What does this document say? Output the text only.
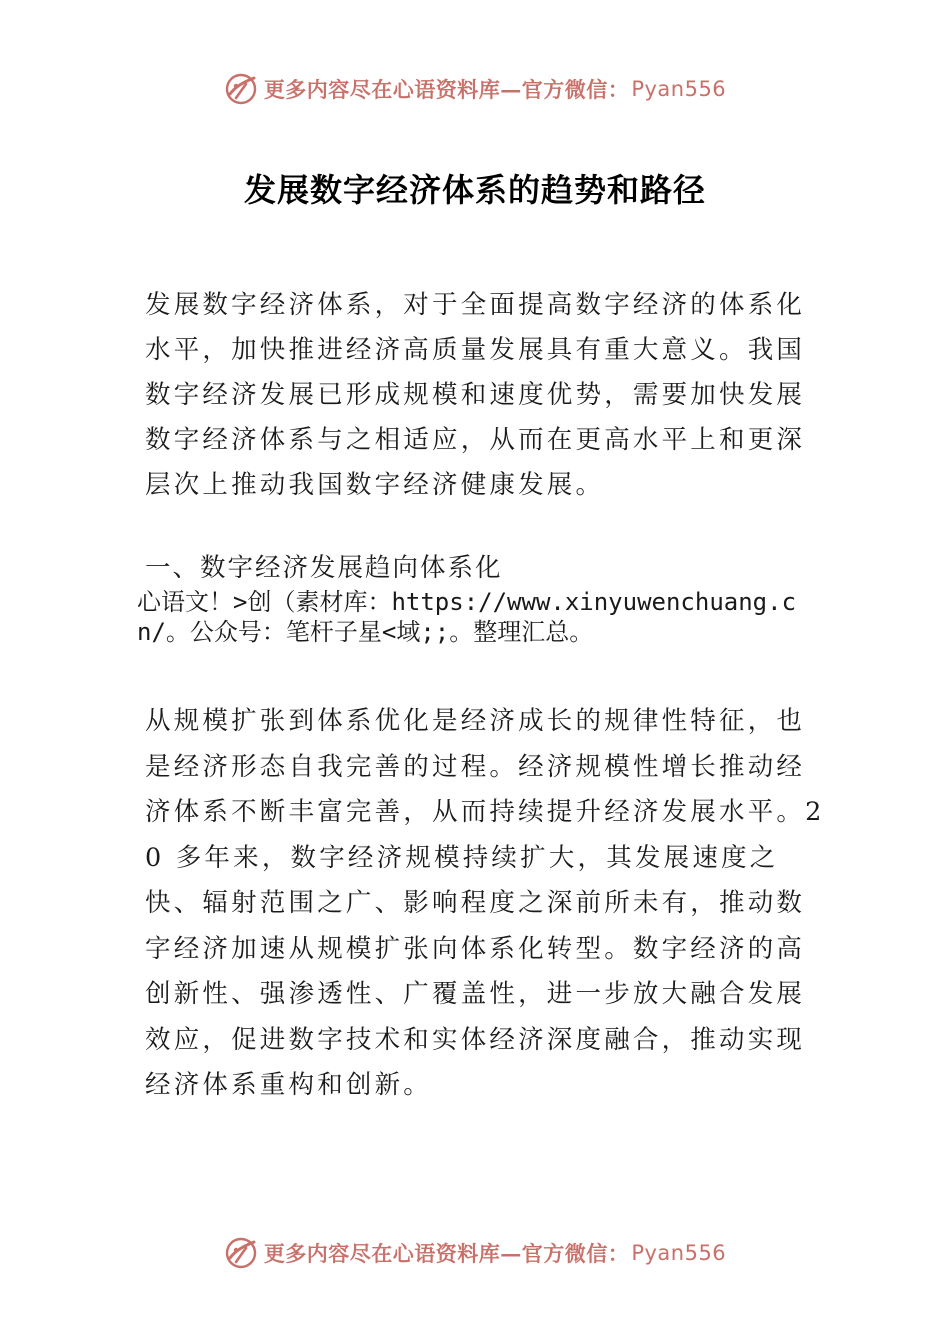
更多内容尽在心语资料库—官方微信： Pyan556
发展数字经济体系的趋势和路径

发展数字经济体系，对于全面提高数字经济的体系化水平，加快推进经济高质量发展具有重大意义。我国数字经济发展已形成规模和速度优势，需要加快发展数字经济体系与之相适应，从而在更高水平上和更深层次上推动我国数字经济健康发展。

一、数字经济发展趋向体系化

心语文！>创（素材库：https://www.xinyuwenchuang.cn/。公众号：笔杆子星<域;;。整理汇总。

从规模扩张到体系优化是经济成长的规律性特征，也是经济形态自我完善的过程。经济规模性增长推动经济体系不断丰富完善，从而持续提升经济发展水平。20 多年来，数字经济规模持续扩大，其发展速度之快、辐射范围之广、影响程度之深前所未有，推动数字经济加速从规模扩张向体系化转型。数字经济的高创新性、强渗透性、广覆盖性，进一步放大融合发展效应，促进数字技术和实体经济深度融合，推动实现经济体系重构和创新。

更多内容尽在心语资料库—官方微信： Pyan556
